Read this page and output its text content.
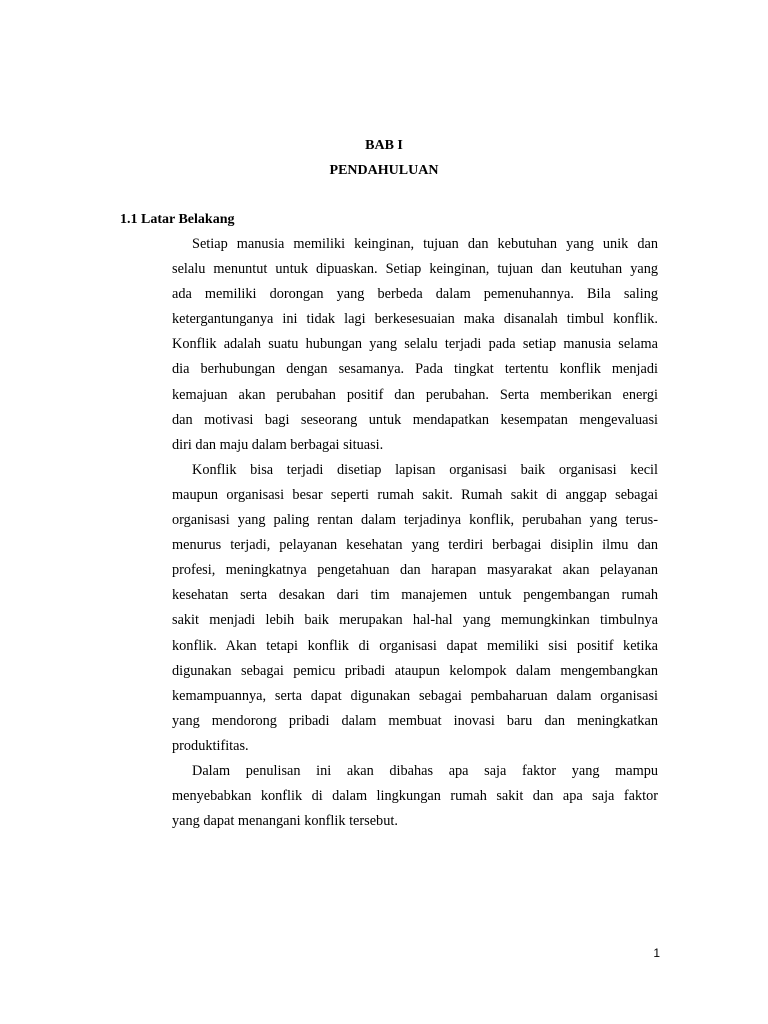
BAB I
PENDAHULUAN
1.1 Latar Belakang
Setiap manusia memiliki keinginan, tujuan dan kebutuhan yang unik dan
selalu menuntut untuk dipuaskan. Setiap keinginan, tujuan dan keutuhan yang
ada memiliki dorongan yang berbeda dalam pemenuhannya. Bila saling
ketergantunganya ini tidak lagi berkesesuaian maka disanalah timbul konflik.
Konflik adalah suatu hubungan yang selalu terjadi pada setiap manusia selama
dia berhubungan dengan sesamanya. Pada tingkat tertentu konflik menjadi
kemajuan akan perubahan positif dan perubahan. Serta memberikan energi
dan motivasi bagi seseorang untuk mendapatkan kesempatan mengevaluasi
diri dan maju dalam berbagai situasi.
Konflik bisa terjadi disetiap lapisan organisasi baik organisasi kecil
maupun organisasi besar seperti rumah sakit. Rumah sakit di anggap sebagai
organisasi yang paling rentan dalam terjadinya konflik, perubahan yang terus-
menurus terjadi, pelayanan kesehatan yang terdiri berbagai disiplin ilmu dan
profesi, meningkatnya pengetahuan dan harapan masyarakat akan pelayanan
kesehatan serta desakan dari tim manajemen untuk pengembangan rumah
sakit menjadi lebih baik merupakan hal-hal yang memungkinkan timbulnya
konflik. Akan tetapi konflik di organisasi dapat memiliki sisi positif ketika
digunakan sebagai pemicu pribadi ataupun kelompok dalam mengembangkan
kemampuannya, serta dapat digunakan sebagai pembaharuan dalam organisasi
yang mendorong pribadi dalam membuat inovasi baru dan meningkatkan
produktifitas.
Dalam penulisan ini akan dibahas apa saja faktor yang mampu
menyebabkan konflik di dalam lingkungan rumah sakit dan apa saja faktor
yang dapat menangani konflik tersebut.
1
